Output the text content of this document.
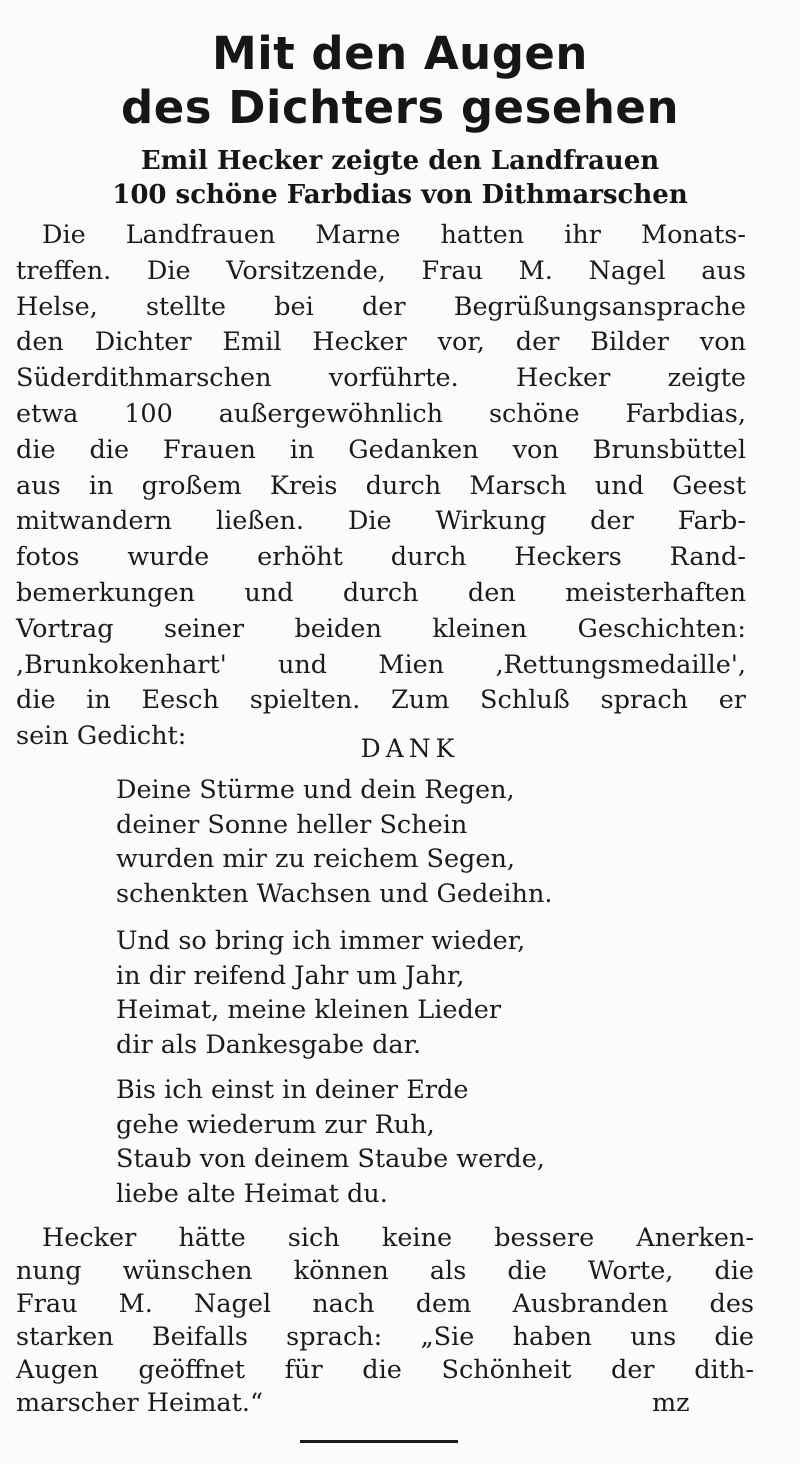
Mit den Augen
des Dichters gesehen
Emil Hecker zeigte den Landfrauen
100 schöne Farbdias von Dithmarschen
Die Landfrauen Marne hatten ihr Monats-
treffen. Die Vorsitzende, Frau M. Nagel aus
Helse, stellte bei der Begrüßungsansprache
den Dichter Emil Hecker vor, der Bilder von
Süderdithmarschen vorführte. Hecker zeigte
etwa 100 außergewöhnlich schöne Farbdias,
die die Frauen in Gedanken von Brunsbüttel
aus in großem Kreis durch Marsch und Geest
mitwandern ließen. Die Wirkung der Farb-
fotos wurde erhöht durch Heckers Rand-
bemerkungen und durch den meisterhaften
Vortrag seiner beiden kleinen Geschichten:
,Brunkokenhart' und Mien ‚Rettungsmedaille',
die in Eesch spielten. Zum Schluß sprach er
sein Gedicht:	DANK
Deine Stürme und dein Regen,
deiner Sonne heller Schein
wurden mir zu reichem Segen,
schenkten Wachsen und Gedeihn.
Und so bring ich immer wieder,
in dir reifend Jahr um Jahr,
Heimat, meine kleinen Lieder
dir als Dankesgabe dar.
Bis ich einst in deiner Erde
gehe wiederum zur Ruh,
Staub von deinem Staube werde,
liebe alte Heimat du.
Hecker hätte sich keine bessere Anerken-
nung wünschen können als die Worte, die
Frau M. Nagel nach dem Ausbranden des
starken Beifalls sprach: „Sie haben uns die
Augen geöffnet für die Schönheit der dith-
marscher Heimat.“	mz
